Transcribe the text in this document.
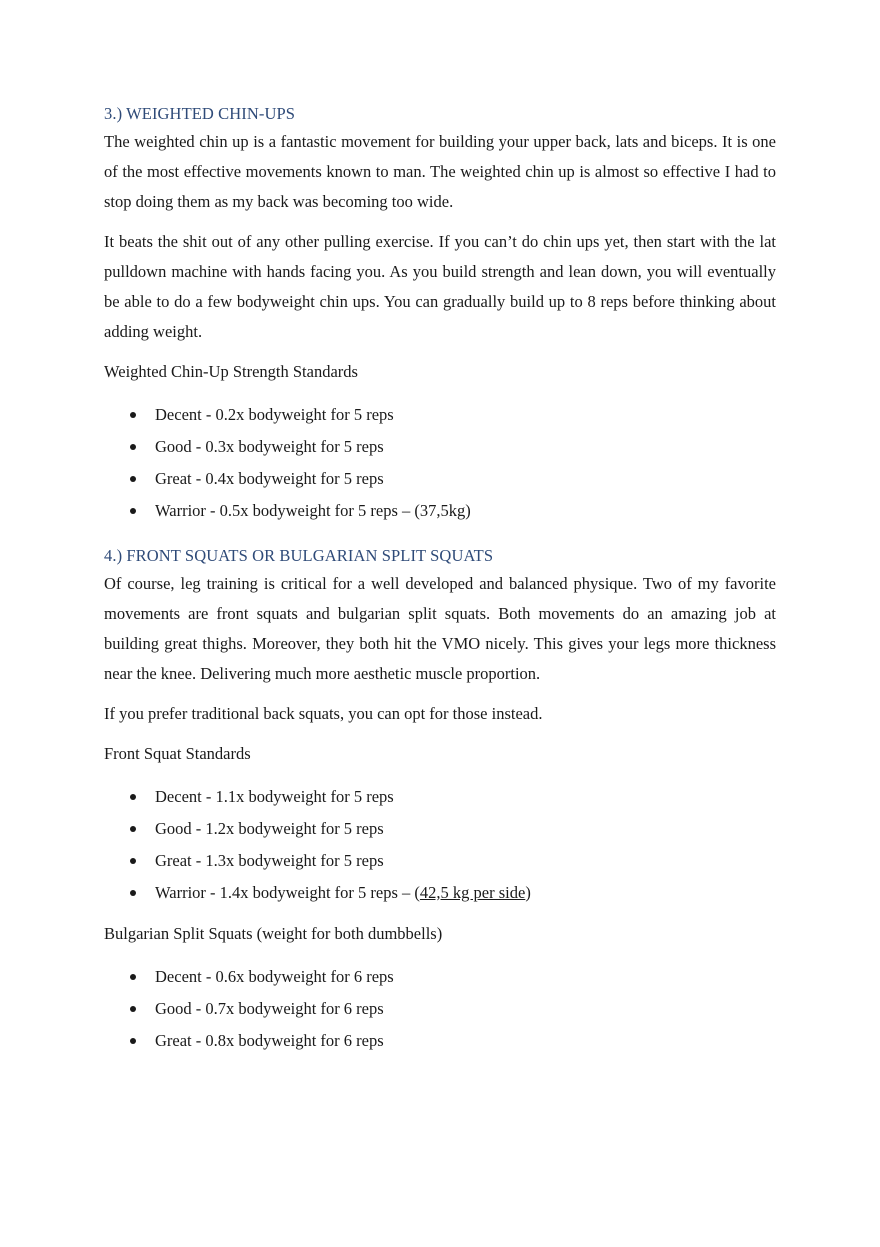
3.) WEIGHTED CHIN-UPS

The weighted chin up is a fantastic movement for building your upper back, lats and biceps. It is one of the most effective movements known to man. The weighted chin up is almost so effective I had to stop doing them as my back was becoming too wide.

It beats the shit out of any other pulling exercise. If you can’t do chin ups yet, then start with the lat pulldown machine with hands facing you. As you build strength and lean down, you will eventually be able to do a few bodyweight chin ups. You can gradually build up to 8 reps before thinking about adding weight.

Weighted Chin-Up Strength Standards

Decent - 0.2x bodyweight for 5 reps
Good - 0.3x bodyweight for 5 reps
Great - 0.4x bodyweight for 5 reps
Warrior - 0.5x bodyweight for 5 reps – (37,5kg)
4.) FRONT SQUATS OR BULGARIAN SPLIT SQUATS

Of course, leg training is critical for a well developed and balanced physique. Two of my favorite movements are front squats and bulgarian split squats. Both movements do an amazing job at building great thighs. Moreover, they both hit the VMO nicely. This gives your legs more thickness near the knee. Delivering much more aesthetic muscle proportion.

If you prefer traditional back squats, you can opt for those instead.

Front Squat Standards

Decent - 1.1x bodyweight for 5 reps
Good - 1.2x bodyweight for 5 reps
Great - 1.3x bodyweight for 5 reps
Warrior - 1.4x bodyweight for 5 reps – (42,5 kg per side)

Bulgarian Split Squats (weight for both dumbbells)

Decent - 0.6x bodyweight for 6 reps
Good - 0.7x bodyweight for 6 reps
Great - 0.8x bodyweight for 6 reps
